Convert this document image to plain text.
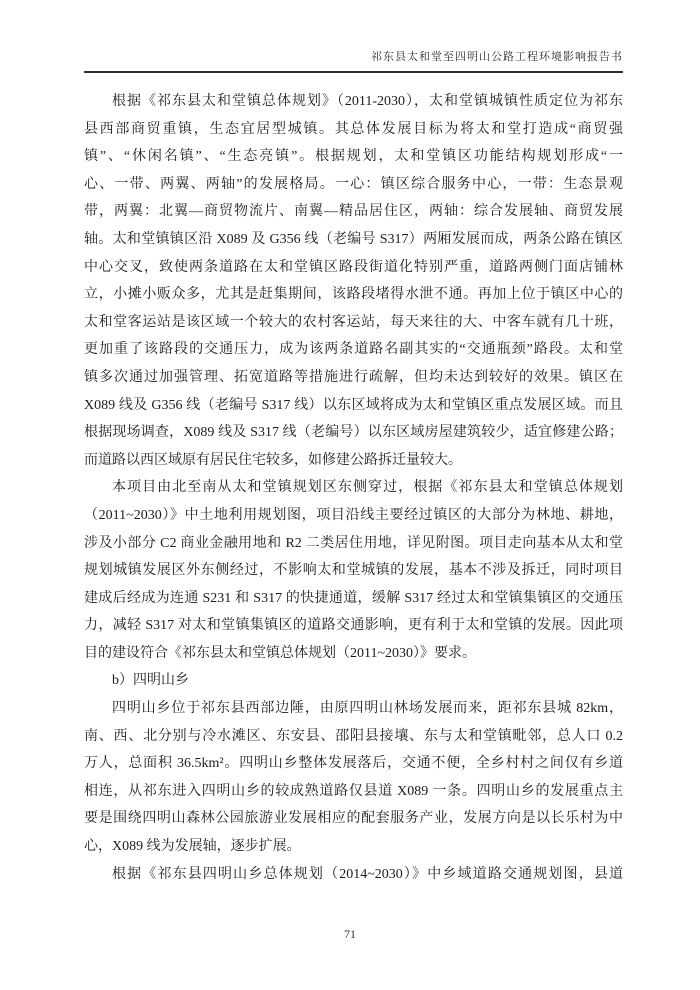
祁东县太和堂至四明山公路工程环境影响报告书
根据《祁东县太和堂镇总体规划》（2011-2030），太和堂镇城镇性质定位为祁东
县西部商贸重镇，生态宜居型城镇。其总体发展目标为将太和堂打造成“商贸强
镇”、“休闲名镇”、“生态亮镇”。根据规划，太和堂镇区功能结构规划形成“一
心、一带、两翼、两轴”的发展格局。一心：镇区综合服务中心，一带：生态景观
带，两翼：北翼—商贸物流片、南翼—精品居住区，两轴：综合发展轴、商贸发展
轴。太和堂镇镇区沿 X089 及 G356 线（老编号 S317）两厢发展而成，两条公路在镇区
中心交叉，致使两条道路在太和堂镇区路段街道化特别严重，道路两侧门面店铺林
立，小摊小贩众多，尤其是赶集期间，该路段堵得水泄不通。再加上位于镇区中心的
太和堂客运站是该区域一个较大的农村客运站，每天来往的大、中客车就有几十班，
更加重了该路段的交通压力，成为该两条道路名副其实的“交通瓶颈”路段。太和堂
镇多次通过加强管理、拓宽道路等措施进行疏解，但均未达到较好的效果。镇区在
X089 线及 G356 线（老编号 S317 线）以东区域将成为太和堂镇区重点发展区域。而且
根据现场调查，X089 线及 S317 线（老编号）以东区域房屋建筑较少，适宜修建公路；
而道路以西区域原有居民住宅较多，如修建公路拆迁量较大。
本项目由北至南从太和堂镇规划区东侧穿过，根据《祁东县太和堂镇总体规划
（2011~2030）》中土地利用规划图，项目沿线主要经过镇区的大部分为林地、耕地，
涉及小部分 C2 商业金融用地和 R2 二类居住用地，详见附图。项目走向基本从太和堂
规划城镇发展区外东侧经过，不影响太和堂城镇的发展，基本不涉及拆迁，同时项目
建成后经成为连通 S231 和 S317 的快捷通道，缓解 S317 经过太和堂镇集镇区的交通压
力，减轻 S317 对太和堂镇集镇区的道路交通影响，更有利于太和堂镇的发展。因此项
目的建设符合《祁东县太和堂镇总体规划（2011~2030）》要求。
b）四明山乡
四明山乡位于祁东县西部边陲，由原四明山林场发展而来，距祁东县城 82km，
南、西、北分别与冷水滩区、东安县、邵阳县接壤、东与太和堂镇毗邻，总人口 0.2
万人，总面积 36.5km²。四明山乡整体发展落后，交通不便，全乡村村之间仅有乡道
相连，从祁东进入四明山乡的较成熟道路仅县道 X089 一条。四明山乡的发展重点主
要是围绕四明山森林公园旅游业发展相应的配套服务产业，发展方向是以长乐村为中
心，X089 线为发展轴，逐步扩展。
根据《祁东县四明山乡总体规划（2014~2030）》中乡域道路交通规划图，县道
71
